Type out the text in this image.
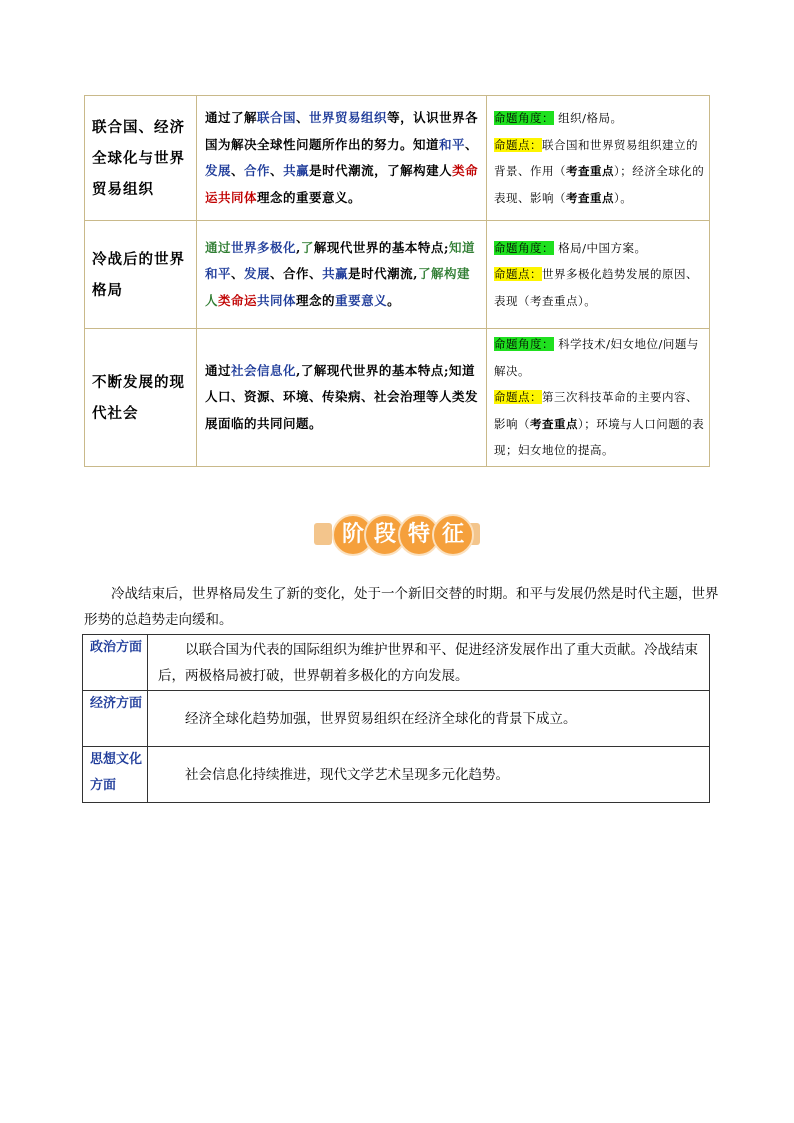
联合国、经济全球化与世界贸易组织	通过了解联合国、世界贸易组织等，认识世界各国为解决全球性问题所作出的努力。知道和平、发展、合作、共赢是时代潮流，了解构建人类命运共同体理念的重要意义。	命题角度： 组织/格局。
命题点：联合国和世界贸易组织建立的背景、作用（考查重点）；经济全球化的表现、影响（考查重点）。

冷战后的世界格局	通过世界多极化,了解现代世界的基本特点;知道和平、发展、合作、共赢是时代潮流,了解构建人类命运共同体理念的重要意义。	命题角度： 格局/中国方案。
命题点：世界多极化趋势发展的原因、表现（考查重点）。

不断发展的现代社会	通过社会信息化,了解现代世界的基本特点;知道人口、资源、环境、传染病、社会治理等人类发展面临的共同问题。	命题角度： 科学技术/妇女地位/问题与解决。
命题点：第三次科技革命的主要内容、影响（考查重点）；环境与人口问题的表现；妇女地位的提高。
阶 段 特 征
冷战结束后，世界格局发生了新的变化，处于一个新旧交替的时期。和平与发展仍然是时代主题，世界形势的总趋势走向缓和。
政治方面	以联合国为代表的国际组织为维护世界和平、促进经济发展作出了重大贡献。冷战结束后，两极格局被打破，世界朝着多极化的方向发展。
经济方面	经济全球化趋势加强，世界贸易组织在经济全球化的背景下成立。
思想文化方面	社会信息化持续推进，现代文学艺术呈现多元化趋势。
